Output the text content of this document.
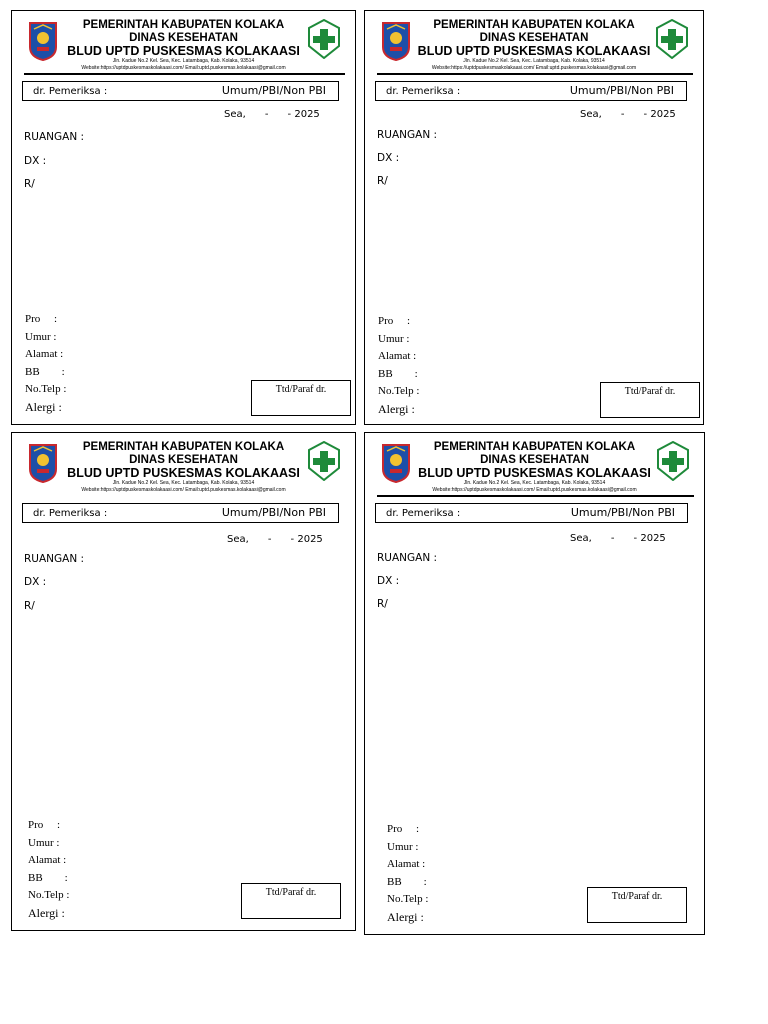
PEMERINTAH KABUPATEN KOLAKA
DINAS KESEHATAN
BLUD UPTD PUSKESMAS KOLAKAASI
Jln. Kadue No.2 Kel. Sea, Kec. Latambaga, Kab. Kolaka, 93514
Website:https://uptdpuskesmaskolakaasi.com/ Email:uptd.puskesmas.kolakaasi@gmail.com
dr. Pemeriksa :	Umum/PBI/Non PBI
Sea,      -      - 2025
RUANGAN :
DX :
R/
Pro     :
Umur :
Alamat :
BB        :
No.Telp :
Alergi :
Ttd/Paraf dr.
PEMERINTAH KABUPATEN KOLAKA
DINAS KESEHATAN
BLUD UPTD PUSKESMAS KOLAKAASI
Jln. Kadue No.2 Kel. Sea, Kec. Latambaga, Kab. Kolaka, 93514
Website:https://uptdpuskesmaskolakaasi.com/ Email:uptd.puskesmas.kolakaasi@gmail.com
dr. Pemeriksa :	Umum/PBI/Non PBI
Sea,      -      - 2025
RUANGAN :
DX :
R/
Pro     :
Umur :
Alamat :
BB        :
No.Telp :
Alergi :
Ttd/Paraf dr.
PEMERINTAH KABUPATEN KOLAKA
DINAS KESEHATAN
BLUD UPTD PUSKESMAS KOLAKAASI
Jln. Kadue No.2 Kel. Sea, Kec. Latambaga, Kab. Kolaka, 93514
Website:https://uptdpuskesmaskolakaasi.com/ Email:uptd.puskesmas.kolakaasi@gmail.com
dr. Pemeriksa :	Umum/PBI/Non PBI
Sea,      -      - 2025
RUANGAN :
DX :
R/
Pro     :
Umur :
Alamat :
BB        :
No.Telp :
Alergi :
Ttd/Paraf dr.
PEMERINTAH KABUPATEN KOLAKA
DINAS KESEHATAN
BLUD UPTD PUSKESMAS KOLAKAASI
Jln. Kadue No.2 Kel. Sea, Kec. Latambaga, Kab. Kolaka, 93514
Website:https://uptdpuskesmaskolakaasi.com/ Email:uptd.puskesmas.kolakaasi@gmail.com
dr. Pemeriksa :	Umum/PBI/Non PBI
Sea,      -      - 2025
RUANGAN :
DX :
R/
Pro     :
Umur :
Alamat :
BB        :
No.Telp :
Alergi :
Ttd/Paraf dr.
